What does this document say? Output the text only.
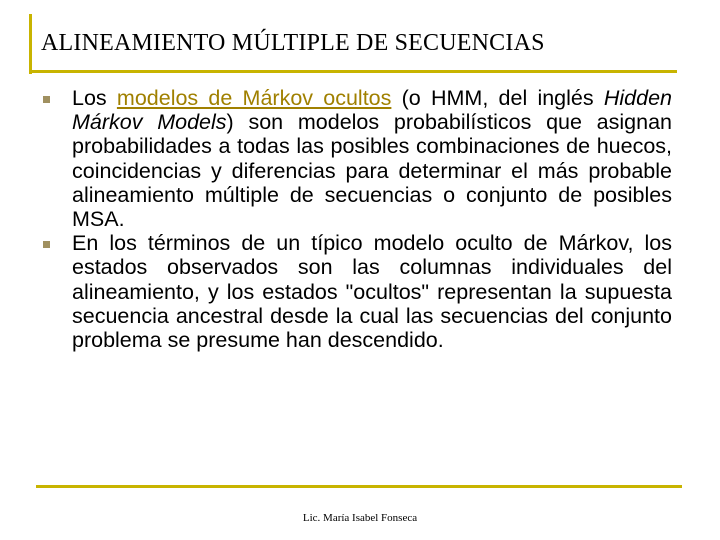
ALINEAMIENTO MÚLTIPLE DE SECUENCIAS
Los modelos de Márkov ocultos (o HMM, del inglés Hidden Márkov Models) son modelos probabilísticos que asignan probabilidades a todas las posibles combinaciones de huecos, coincidencias y diferencias para determinar el más probable alineamiento múltiple de secuencias o conjunto de posibles MSA.
En los términos de un típico modelo oculto de Márkov, los estados observados son las columnas individuales del alineamiento, y los estados "ocultos" representan la supuesta secuencia ancestral desde la cual las secuencias del conjunto problema se presume han descendido.
Lic. María Isabel Fonseca
